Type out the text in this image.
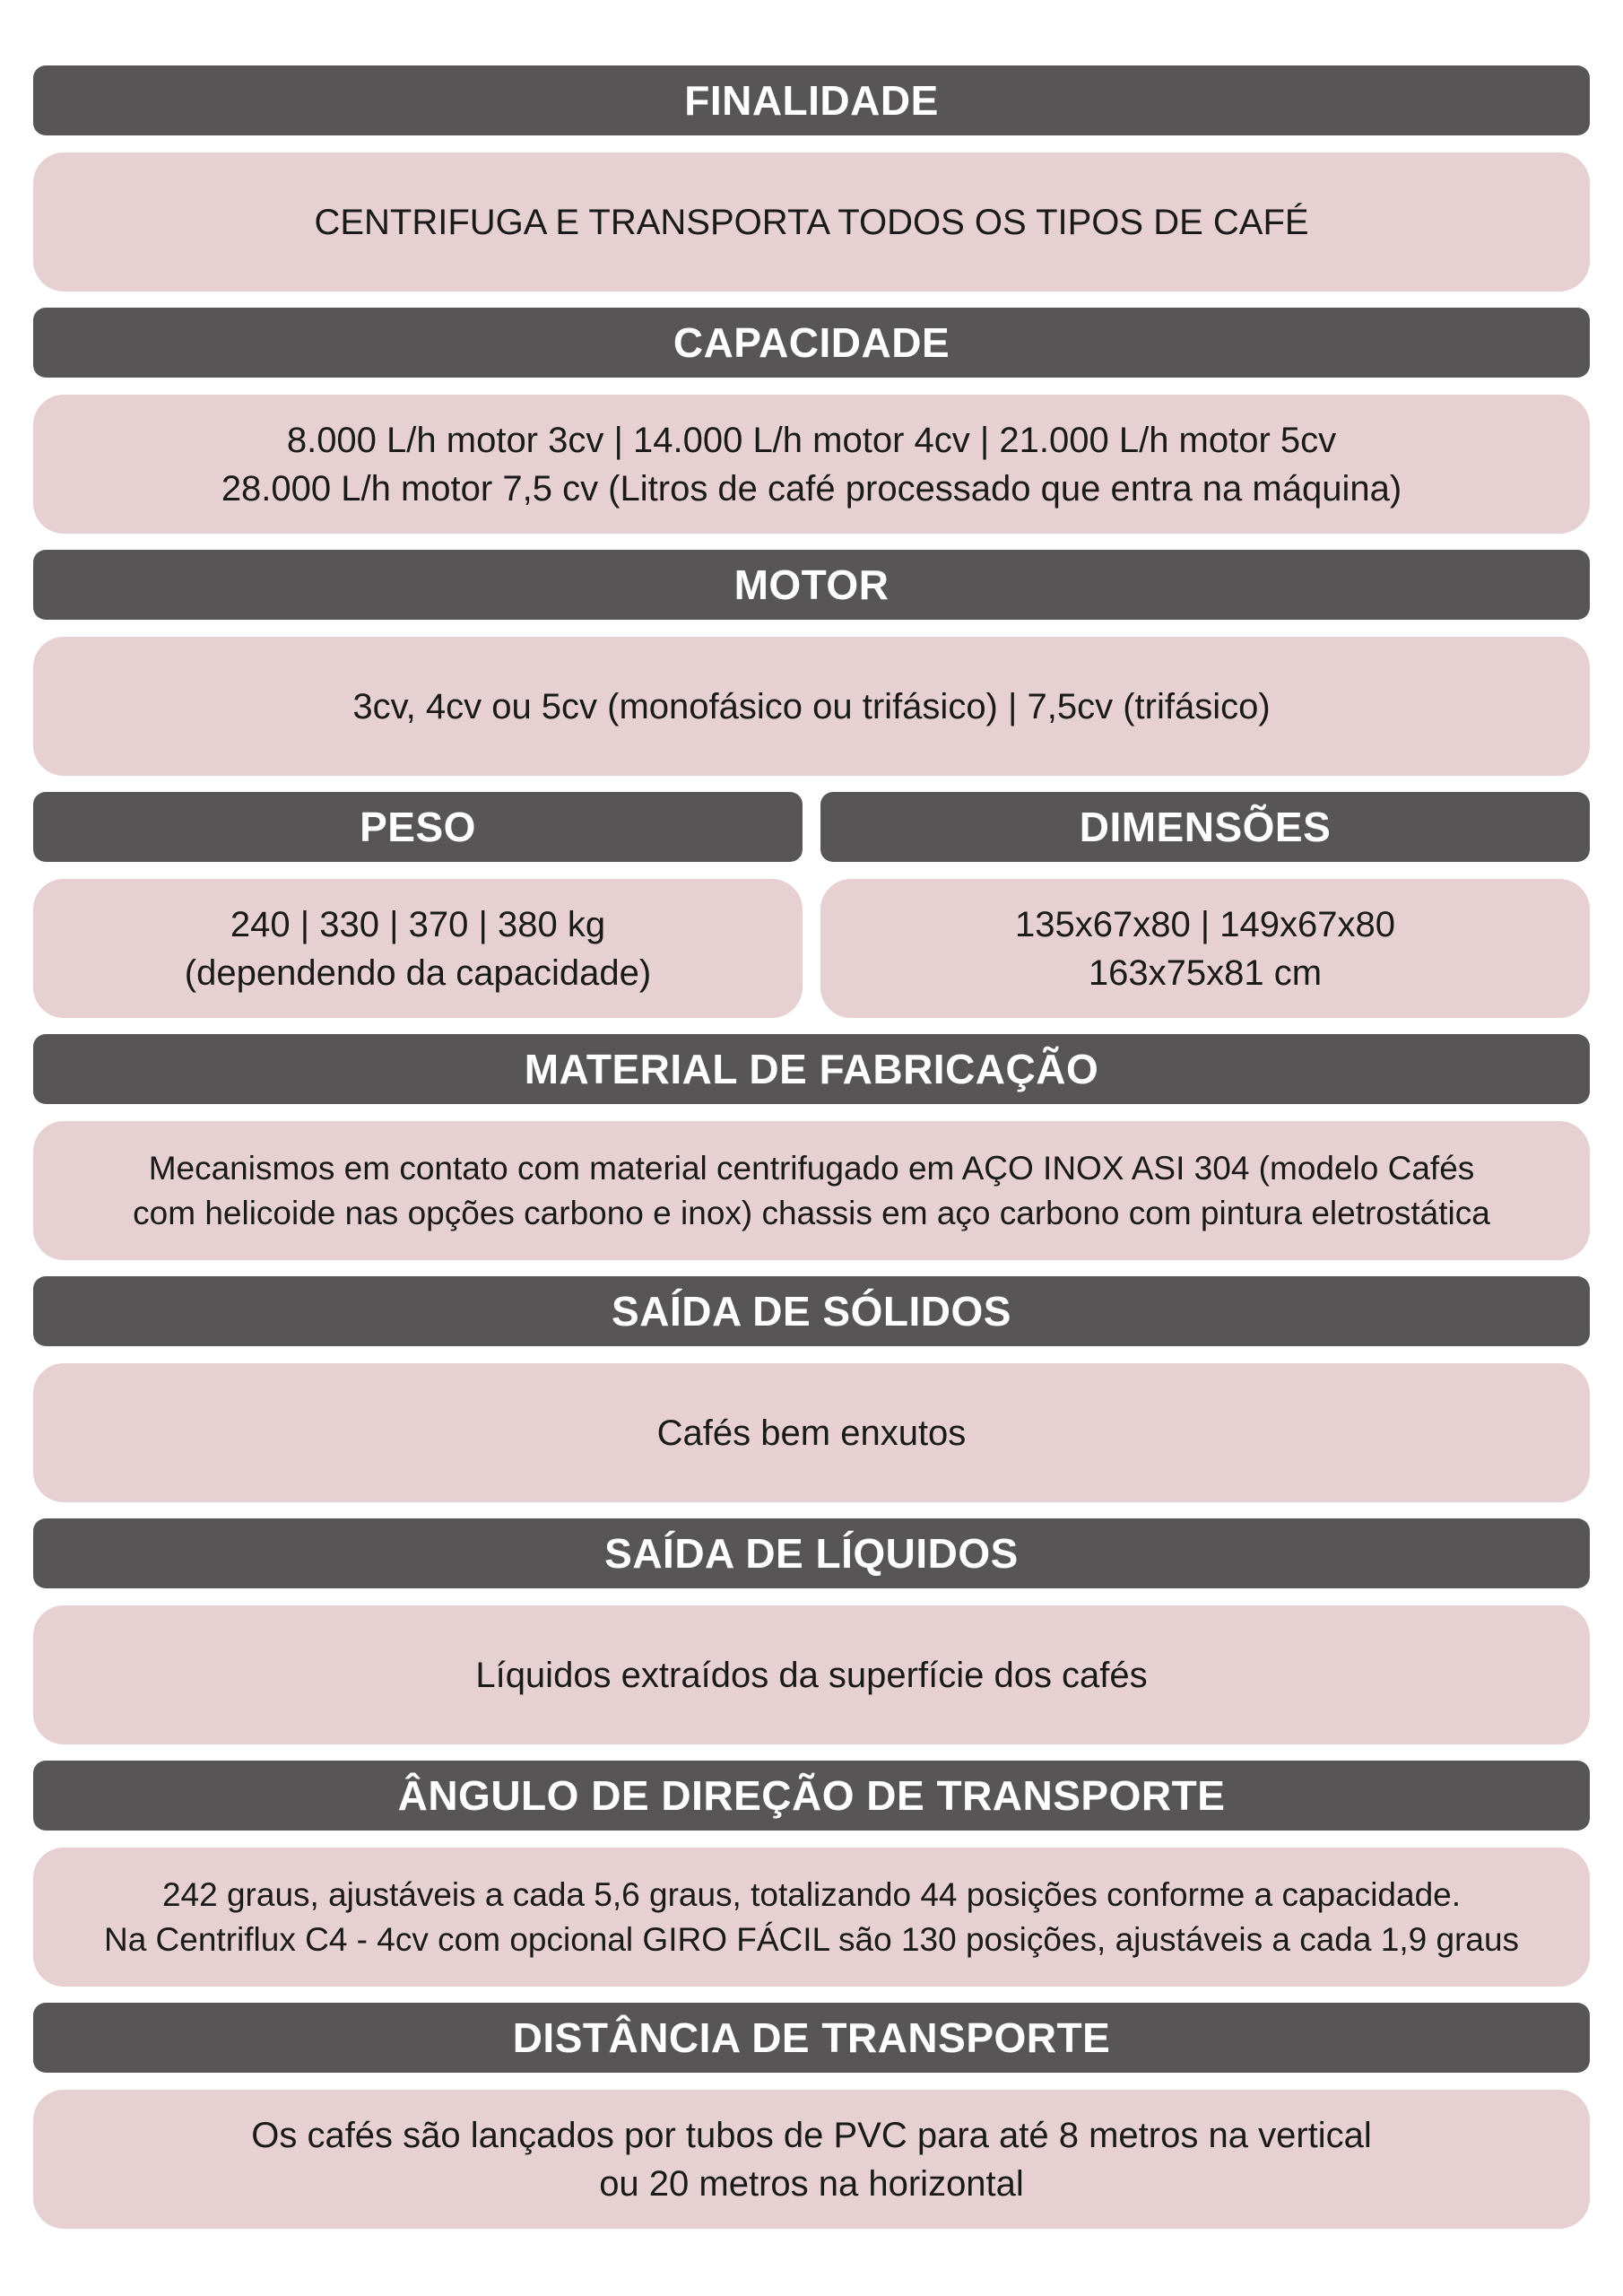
FINALIDADE
CENTRIFUGA E TRANSPORTA TODOS OS TIPOS DE CAFÉ
CAPACIDADE
8.000 L/h motor 3cv | 14.000 L/h motor 4cv | 21.000 L/h motor 5cv
28.000 L/h motor 7,5 cv (Litros de café processado que entra na máquina)
MOTOR
3cv, 4cv ou 5cv (monofásico ou trifásico) | 7,5cv (trifásico)
PESO
240 | 330 | 370 | 380 kg
(dependendo da capacidade)
DIMENSÕES
135x67x80 | 149x67x80
163x75x81 cm
MATERIAL DE FABRICAÇÃO
Mecanismos em contato com material centrifugado em AÇO INOX ASI 304 (modelo Cafés
com helicoide nas opções carbono e inox) chassis em aço carbono com pintura eletrostática
SAÍDA DE SÓLIDOS
Cafés bem enxutos
SAÍDA DE LÍQUIDOS
Líquidos extraídos da superfície dos cafés
ÂNGULO DE DIREÇÃO DE TRANSPORTE
242 graus, ajustáveis a cada 5,6 graus, totalizando 44 posições conforme a capacidade.
Na Centriflux C4 - 4cv com opcional GIRO FÁCIL são 130 posições, ajustáveis a cada 1,9 graus
DISTÂNCIA DE TRANSPORTE
Os cafés são lançados por tubos de PVC para até 8 metros na vertical
ou 20 metros na horizontal
